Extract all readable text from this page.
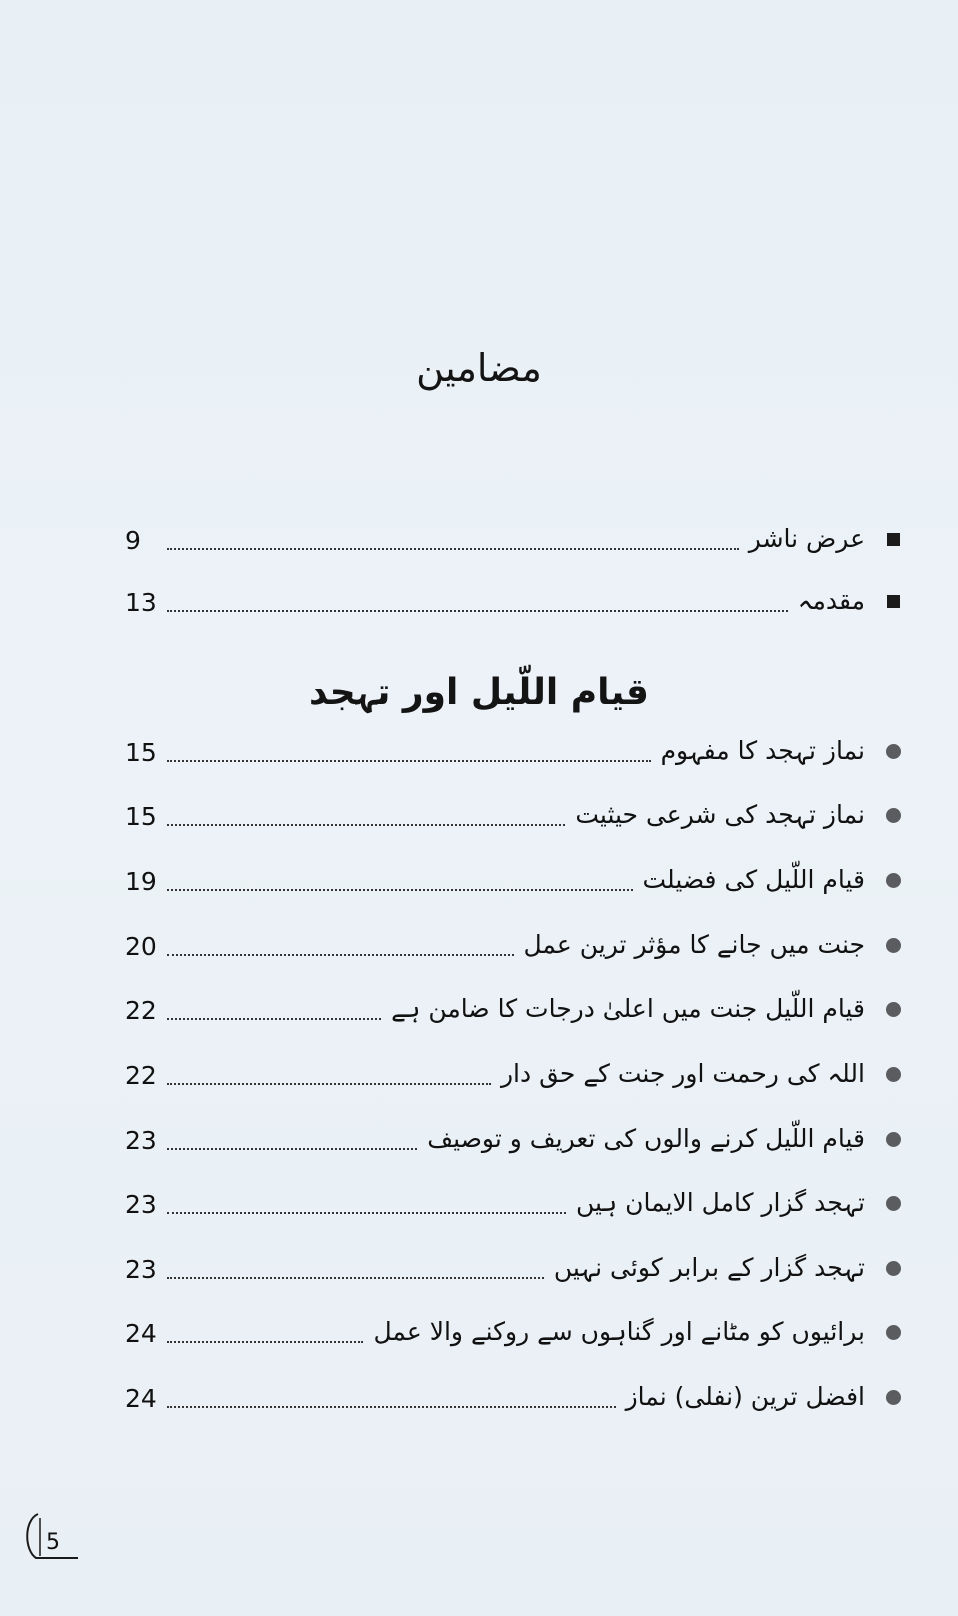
مضامین
9	عرض ناشر
13	مقدمہ
قیام اللّیل اور تہجد
15	نماز تہجد کا مفہوم
15	نماز تہجد کی شرعی حیثیت
19	قیام اللّیل کی فضیلت
20	جنت میں جانے کا مؤثر ترین عمل
22	قیام اللّیل جنت میں اعلیٰ درجات کا ضامن ہے
22	اللہ کی رحمت اور جنت کے حق دار
23	قیام اللّیل کرنے والوں کی تعریف و توصیف
23	تہجد گزار کامل الایمان ہیں
23	تہجد گزار کے برابر کوئی نہیں
24	برائیوں کو مٹانے اور گناہوں سے روکنے والا عمل
24	افضل ترین (نفلی) نماز
5
